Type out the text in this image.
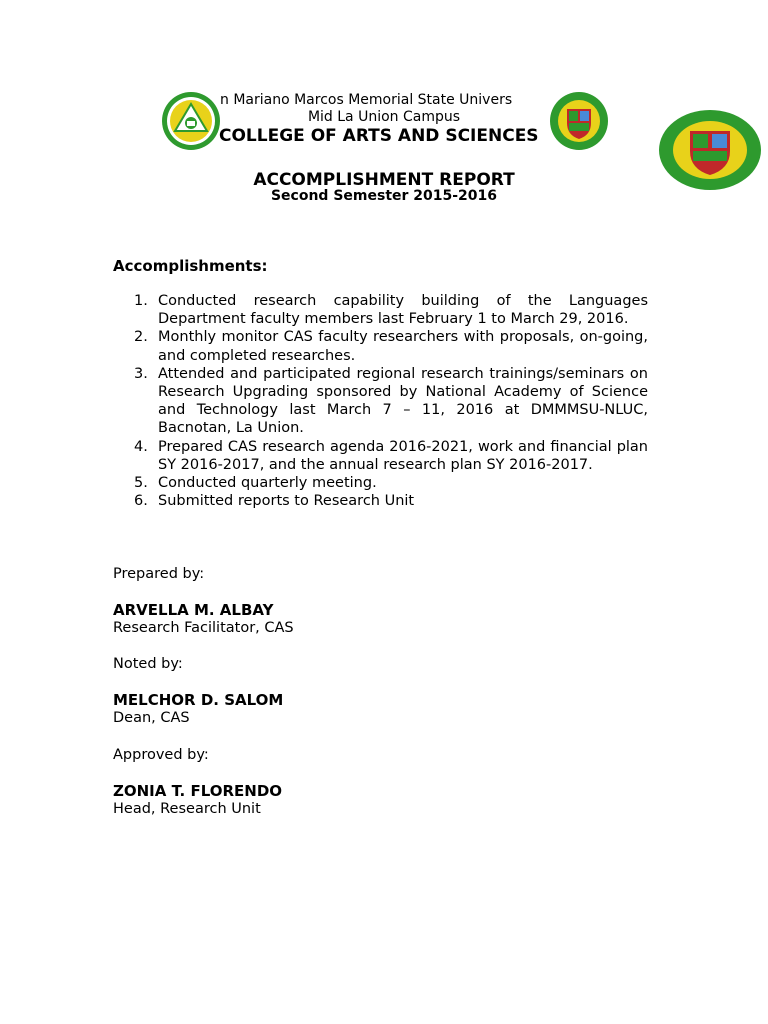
n Mariano Marcos Memorial State Univers
Mid La Union Campus
COLLEGE OF ARTS AND SCIENCES
ACCOMPLISHMENT REPORT
Second Semester 2015-2016
Accomplishments:
1. Conducted research capability building of the Languages Department faculty members last February 1 to March 29, 2016.
2. Monthly monitor CAS faculty researchers with proposals, on-going, and completed researches.
3. Attended and participated regional research trainings/seminars on Research Upgrading sponsored by National Academy of Science and Technology last March 7 – 11, 2016 at DMMMSU-NLUC, Bacnotan, La Union.
4. Prepared CAS research agenda 2016-2021, work and financial plan SY 2016-2017, and the annual research plan SY 2016-2017.
5. Conducted quarterly meeting.
6. Submitted reports to Research Unit
Prepared by:
ARVELLA M. ALBAY
Research Facilitator, CAS
Noted by:
MELCHOR D. SALOM
Dean, CAS
Approved by:
ZONIA T. FLORENDO
Head, Research Unit
